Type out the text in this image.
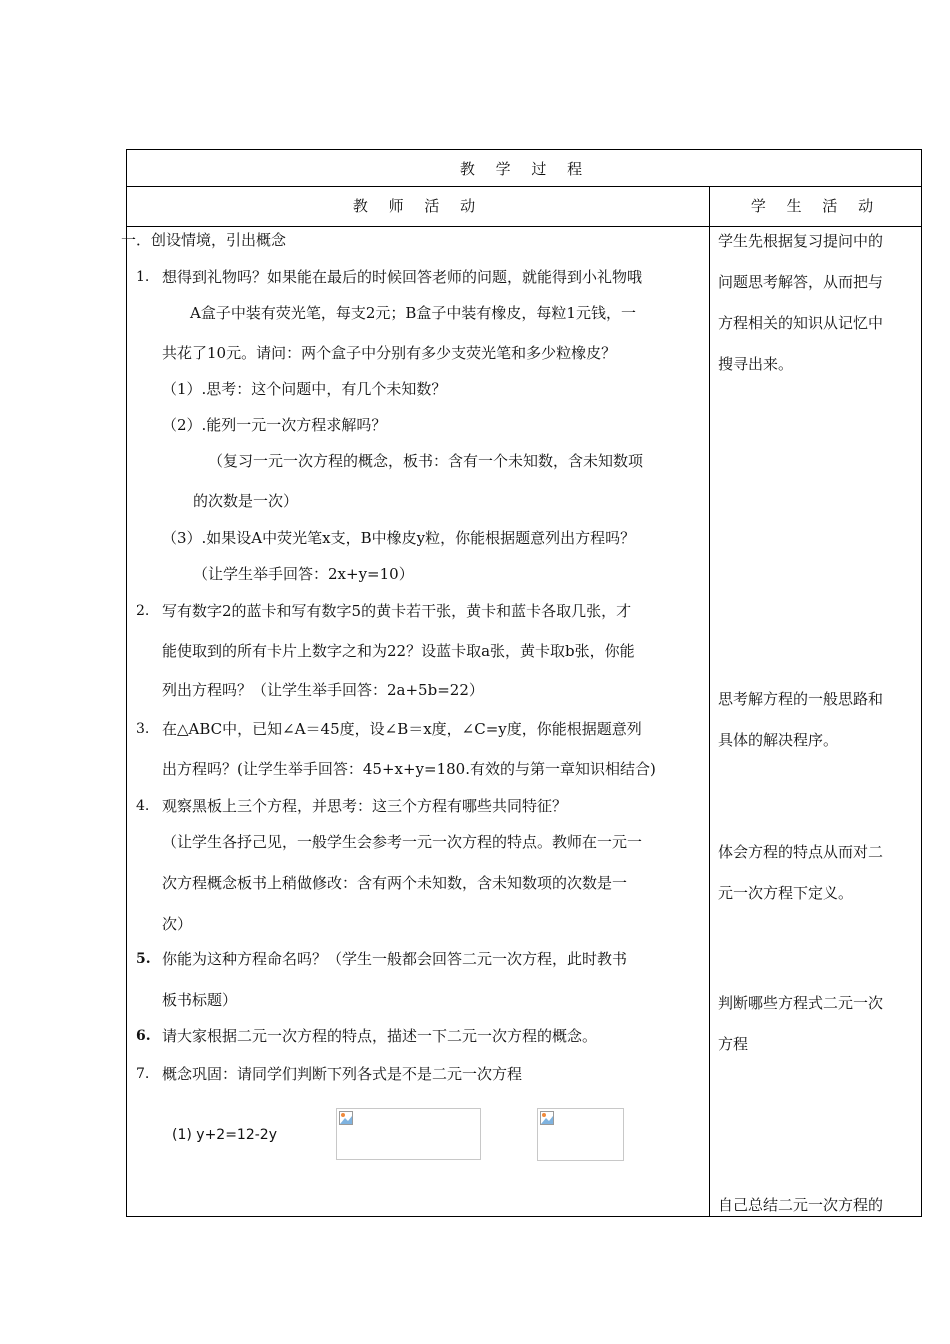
教 学 过 程
教 师 活 动	学 生 活 动
一．创设情境，引出概念
1. 想得到礼物吗？如果能在最后的时候回答老师的问题，就能得到小礼物哦
A盒子中装有荧光笔，每支2元；B盒子中装有橡皮，每粒1元钱，一
共花了10元。请问：两个盒子中分别有多少支荧光笔和多少粒橡皮？
（1）.思考：这个问题中，有几个未知数？
（2）.能列一元一次方程求解吗？
（复习一元一次方程的概念，板书：含有一个未知数，含未知数项
的次数是一次）
（3）.如果设A中荧光笔x支，B中橡皮y粒，你能根据题意列出方程吗？
（让学生举手回答：2x+y=10）
2. 写有数字2的蓝卡和写有数字5的黄卡若干张，黄卡和蓝卡各取几张，才
能使取到的所有卡片上数字之和为22？设蓝卡取a张，黄卡取b张，你能
列出方程吗？（让学生举手回答：2a+5b=22）
3. 在△ABC中，已知∠A＝45度，设∠B＝x度，∠C=y度，你能根据题意列
出方程吗？(让学生举手回答：45+x+y=180.有效的与第一章知识相结合)
4. 观察黑板上三个方程，并思考：这三个方程有哪些共同特征？
（让学生各抒己见，一般学生会参考一元一次方程的特点。教师在一元一
次方程概念板书上稍做修改：含有两个未知数，含未知数项的次数是一
次）
5. 你能为这种方程命名吗？（学生一般都会回答二元一次方程，此时教书
板书标题）
6. 请大家根据二元一次方程的特点，描述一下二元一次方程的概念。
7. 概念巩固：请同学们判断下列各式是不是二元一次方程
(1) y+2=12-2y
学生先根据复习提问中的
问题思考解答，从而把与
方程相关的知识从记忆中
搜寻出来。
思考解方程的一般思路和
具体的解决程序。
体会方程的特点从而对二
元一次方程下定义。
判断哪些方程式二元一次
方程
自己总结二元一次方程的
